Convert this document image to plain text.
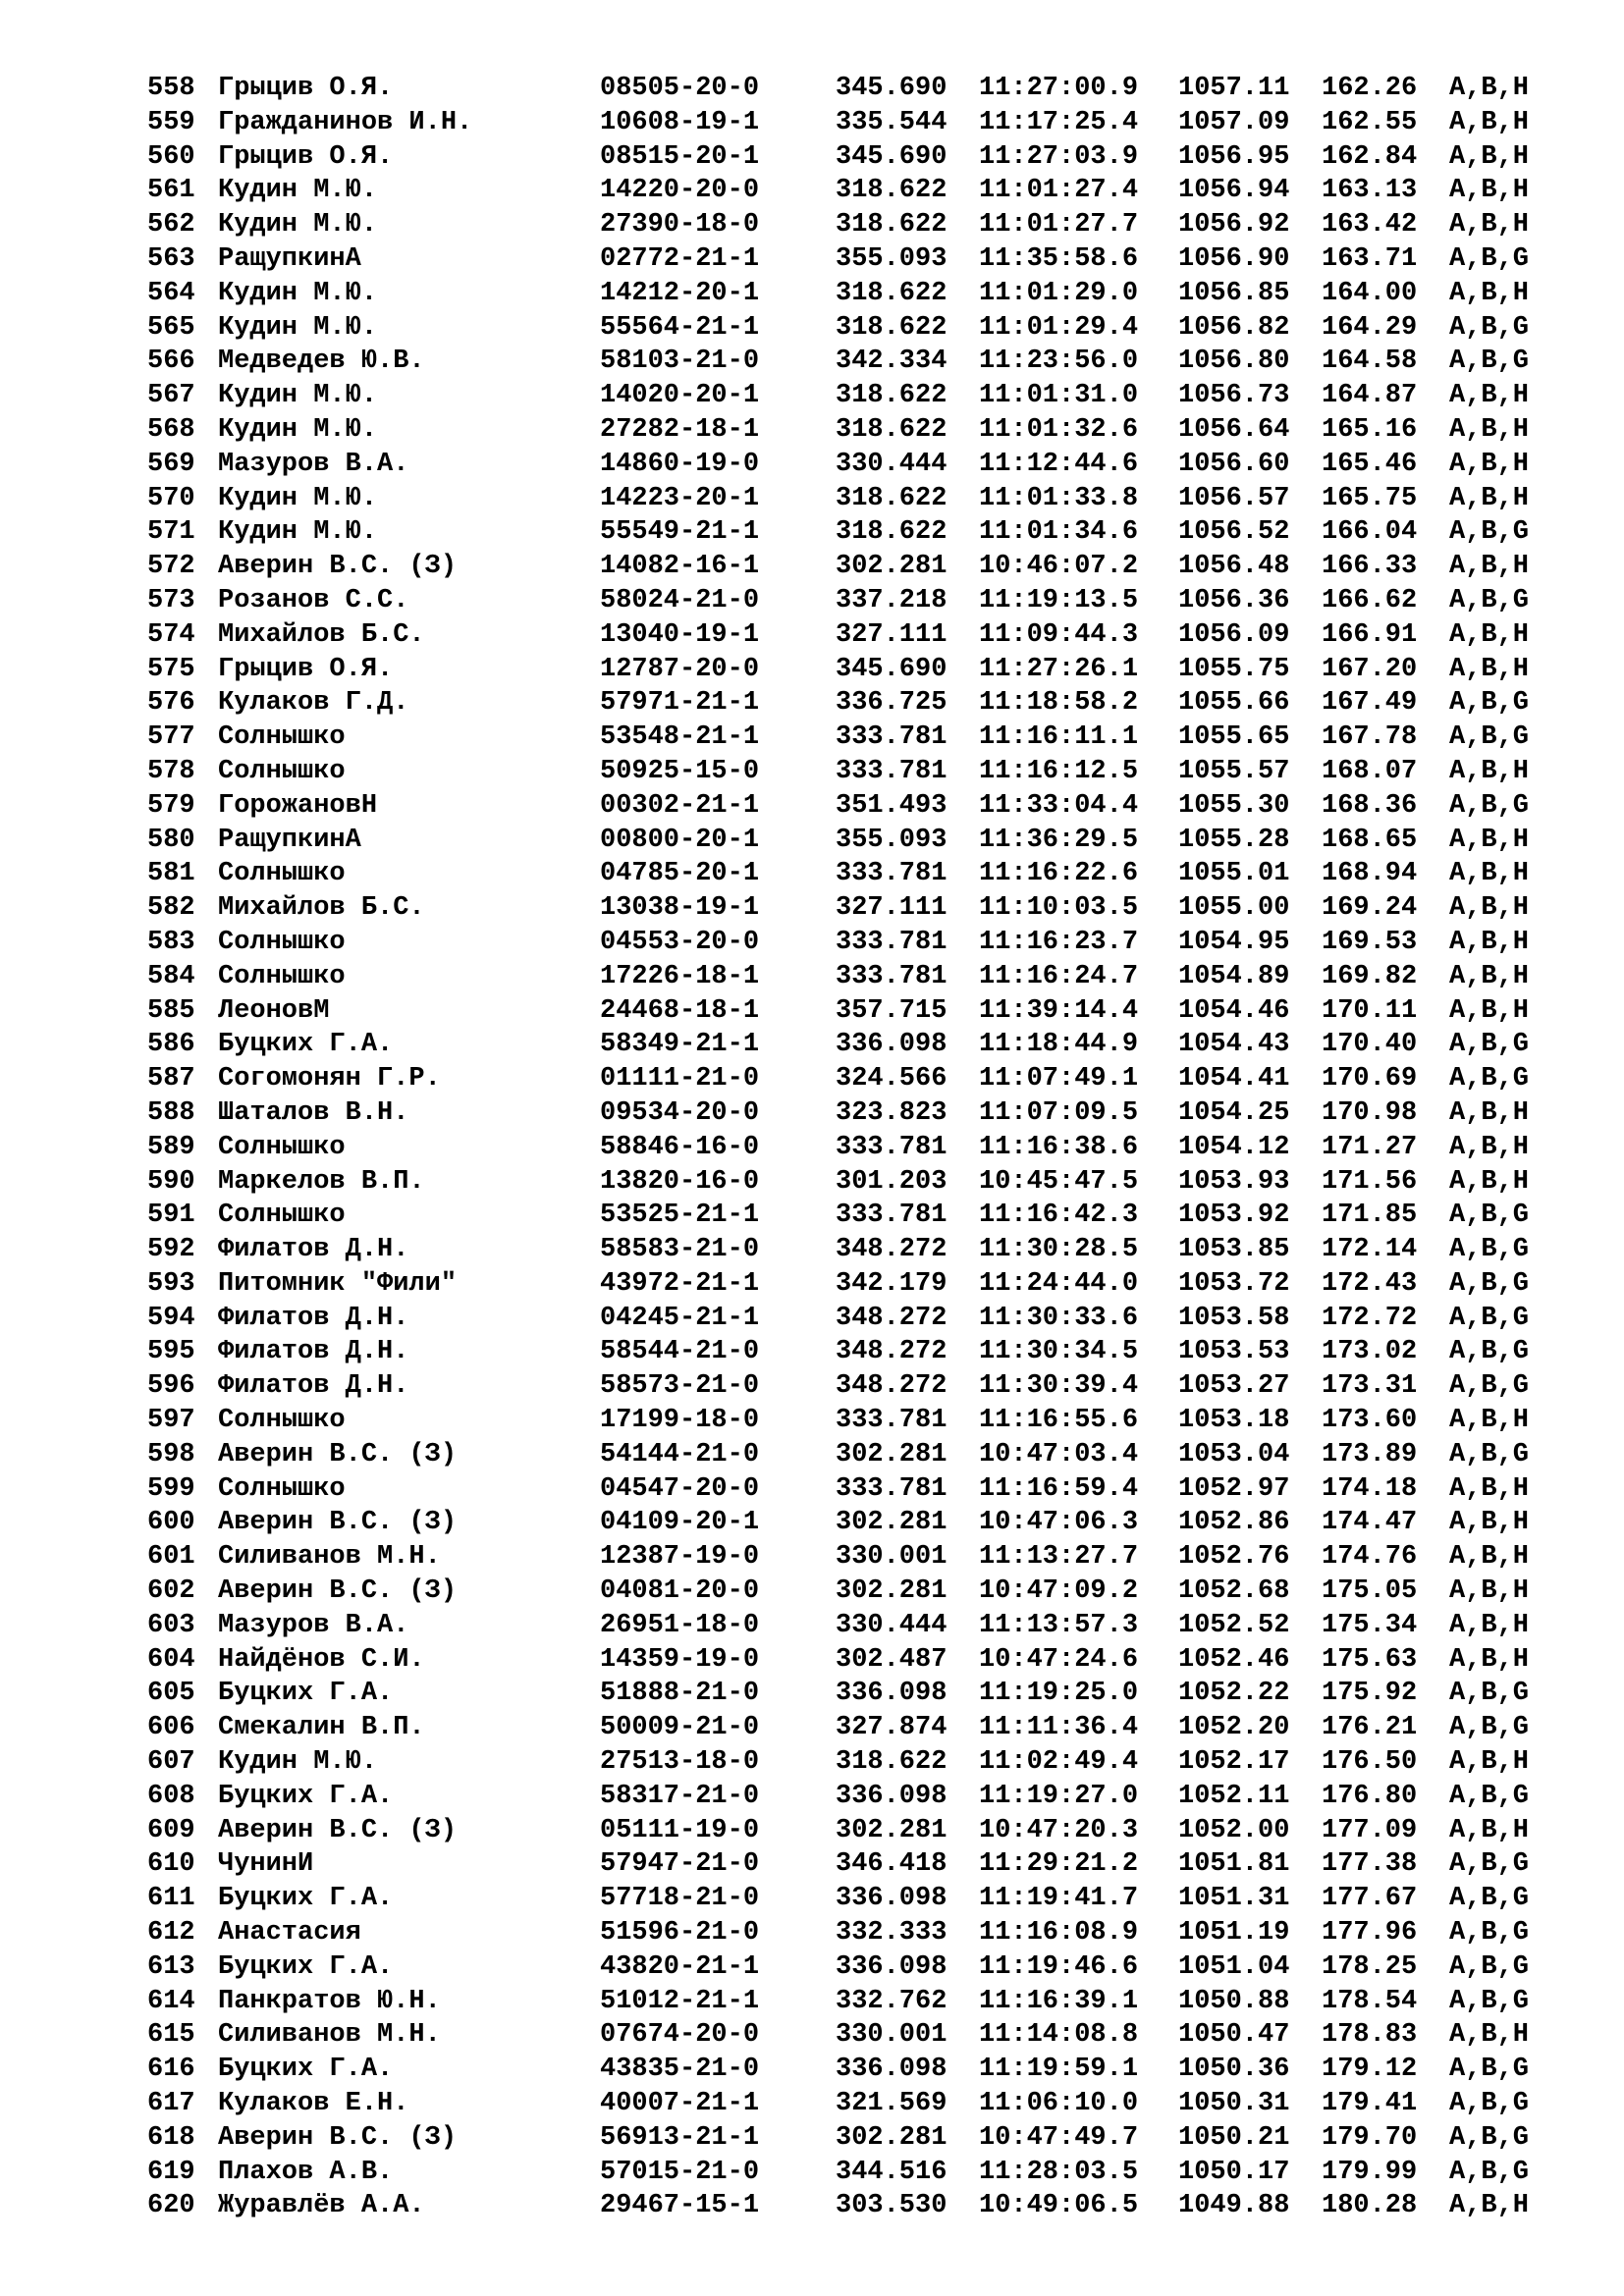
558 Грыцив О.Я.	08505-20-0	345.690	11:27:00.9	1057.11	162.26	A,B,H
559 Гражданинов И.Н.	10608-19-1	335.544	11:17:25.4	1057.09	162.55	A,B,H
560 Грыцив О.Я.	08515-20-1	345.690	11:27:03.9	1056.95	162.84	A,B,H
561 Кудин М.Ю.	14220-20-0	318.622	11:01:27.4	1056.94	163.13	A,B,H
562 Кудин М.Ю.	27390-18-0	318.622	11:01:27.7	1056.92	163.42	A,B,H
563 РащупкинА	02772-21-1	355.093	11:35:58.6	1056.90	163.71	A,B,G
564 Кудин М.Ю.	14212-20-1	318.622	11:01:29.0	1056.85	164.00	A,B,H
565 Кудин М.Ю.	55564-21-1	318.622	11:01:29.4	1056.82	164.29	A,B,G
566 Медведев Ю.В.	58103-21-0	342.334	11:23:56.0	1056.80	164.58	A,B,G
567 Кудин М.Ю.	14020-20-1	318.622	11:01:31.0	1056.73	164.87	A,B,H
568 Кудин М.Ю.	27282-18-1	318.622	11:01:32.6	1056.64	165.16	A,B,H
569 Мазуров В.А.	14860-19-0	330.444	11:12:44.6	1056.60	165.46	A,B,H
570 Кудин М.Ю.	14223-20-1	318.622	11:01:33.8	1056.57	165.75	A,B,H
571 Кудин М.Ю.	55549-21-1	318.622	11:01:34.6	1056.52	166.04	A,B,G
572 Аверин В.С. (З)	14082-16-1	302.281	10:46:07.2	1056.48	166.33	A,B,H
573 Розанов С.С.	58024-21-0	337.218	11:19:13.5	1056.36	166.62	A,B,G
574 Михайлов Б.С.	13040-19-1	327.111	11:09:44.3	1056.09	166.91	A,B,H
575 Грыцив О.Я.	12787-20-0	345.690	11:27:26.1	1055.75	167.20	A,B,H
576 Кулаков Г.Д.	57971-21-1	336.725	11:18:58.2	1055.66	167.49	A,B,G
577 Солнышко	53548-21-1	333.781	11:16:11.1	1055.65	167.78	A,B,G
578 Солнышко	50925-15-0	333.781	11:16:12.5	1055.57	168.07	A,B,H
579 ГорожановН	00302-21-1	351.493	11:33:04.4	1055.30	168.36	A,B,G
580 РащупкинА	00800-20-1	355.093	11:36:29.5	1055.28	168.65	A,B,H
581 Солнышко	04785-20-1	333.781	11:16:22.6	1055.01	168.94	A,B,H
582 Михайлов Б.С.	13038-19-1	327.111	11:10:03.5	1055.00	169.24	A,B,H
583 Солнышко	04553-20-0	333.781	11:16:23.7	1054.95	169.53	A,B,H
584 Солнышко	17226-18-1	333.781	11:16:24.7	1054.89	169.82	A,B,H
585 ЛеоновМ	24468-18-1	357.715	11:39:14.4	1054.46	170.11	A,B,H
586 Буцких Г.А.	58349-21-1	336.098	11:18:44.9	1054.43	170.40	A,B,G
587 Согомонян Г.Р.	01111-21-0	324.566	11:07:49.1	1054.41	170.69	A,B,G
588 Шаталов В.Н.	09534-20-0	323.823	11:07:09.5	1054.25	170.98	A,B,H
589 Солнышко	58846-16-0	333.781	11:16:38.6	1054.12	171.27	A,B,H
590 Маркелов В.П.	13820-16-0	301.203	10:45:47.5	1053.93	171.56	A,B,H
591 Солнышко	53525-21-1	333.781	11:16:42.3	1053.92	171.85	A,B,G
592 Филатов Д.Н.	58583-21-0	348.272	11:30:28.5	1053.85	172.14	A,B,G
593 Питомник "Фили"	43972-21-1	342.179	11:24:44.0	1053.72	172.43	A,B,G
594 Филатов Д.Н.	04245-21-1	348.272	11:30:33.6	1053.58	172.72	A,B,G
595 Филатов Д.Н.	58544-21-0	348.272	11:30:34.5	1053.53	173.02	A,B,G
596 Филатов Д.Н.	58573-21-0	348.272	11:30:39.4	1053.27	173.31	A,B,G
597 Солнышко	17199-18-0	333.781	11:16:55.6	1053.18	173.60	A,B,H
598 Аверин В.С. (З)	54144-21-0	302.281	10:47:03.4	1053.04	173.89	A,B,G
599 Солнышко	04547-20-0	333.781	11:16:59.4	1052.97	174.18	A,B,H
600 Аверин В.С. (З)	04109-20-1	302.281	10:47:06.3	1052.86	174.47	A,B,H
601 Силиванов М.Н.	12387-19-0	330.001	11:13:27.7	1052.76	174.76	A,B,H
602 Аверин В.С. (З)	04081-20-0	302.281	10:47:09.2	1052.68	175.05	A,B,H
603 Мазуров В.А.	26951-18-0	330.444	11:13:57.3	1052.52	175.34	A,B,H
604 Найдёнов С.И.	14359-19-0	302.487	10:47:24.6	1052.46	175.63	A,B,H
605 Буцких Г.А.	51888-21-0	336.098	11:19:25.0	1052.22	175.92	A,B,G
606 Смекалин В.П.	50009-21-0	327.874	11:11:36.4	1052.20	176.21	A,B,G
607 Кудин М.Ю.	27513-18-0	318.622	11:02:49.4	1052.17	176.50	A,B,H
608 Буцких Г.А.	58317-21-0	336.098	11:19:27.0	1052.11	176.80	A,B,G
609 Аверин В.С. (З)	05111-19-0	302.281	10:47:20.3	1052.00	177.09	A,B,H
610 ЧунинИ	57947-21-0	346.418	11:29:21.2	1051.81	177.38	A,B,G
611 Буцких Г.А.	57718-21-0	336.098	11:19:41.7	1051.31	177.67	A,B,G
612 Анастасия	51596-21-0	332.333	11:16:08.9	1051.19	177.96	A,B,G
613 Буцких Г.А.	43820-21-1	336.098	11:19:46.6	1051.04	178.25	A,B,G
614 Панкратов Ю.Н.	51012-21-1	332.762	11:16:39.1	1050.88	178.54	A,B,G
615 Силиванов М.Н.	07674-20-0	330.001	11:14:08.8	1050.47	178.83	A,B,H
616 Буцких Г.А.	43835-21-0	336.098	11:19:59.1	1050.36	179.12	A,B,G
617 Кулаков Е.Н.	40007-21-1	321.569	11:06:10.0	1050.31	179.41	A,B,G
618 Аверин В.С. (З)	56913-21-1	302.281	10:47:49.7	1050.21	179.70	A,B,G
619 Плахов А.В.	57015-21-0	344.516	11:28:03.5	1050.17	179.99	A,B,G
620 Журавлёв А.А.	29467-15-1	303.530	10:49:06.5	1049.88	180.28	A,B,H
